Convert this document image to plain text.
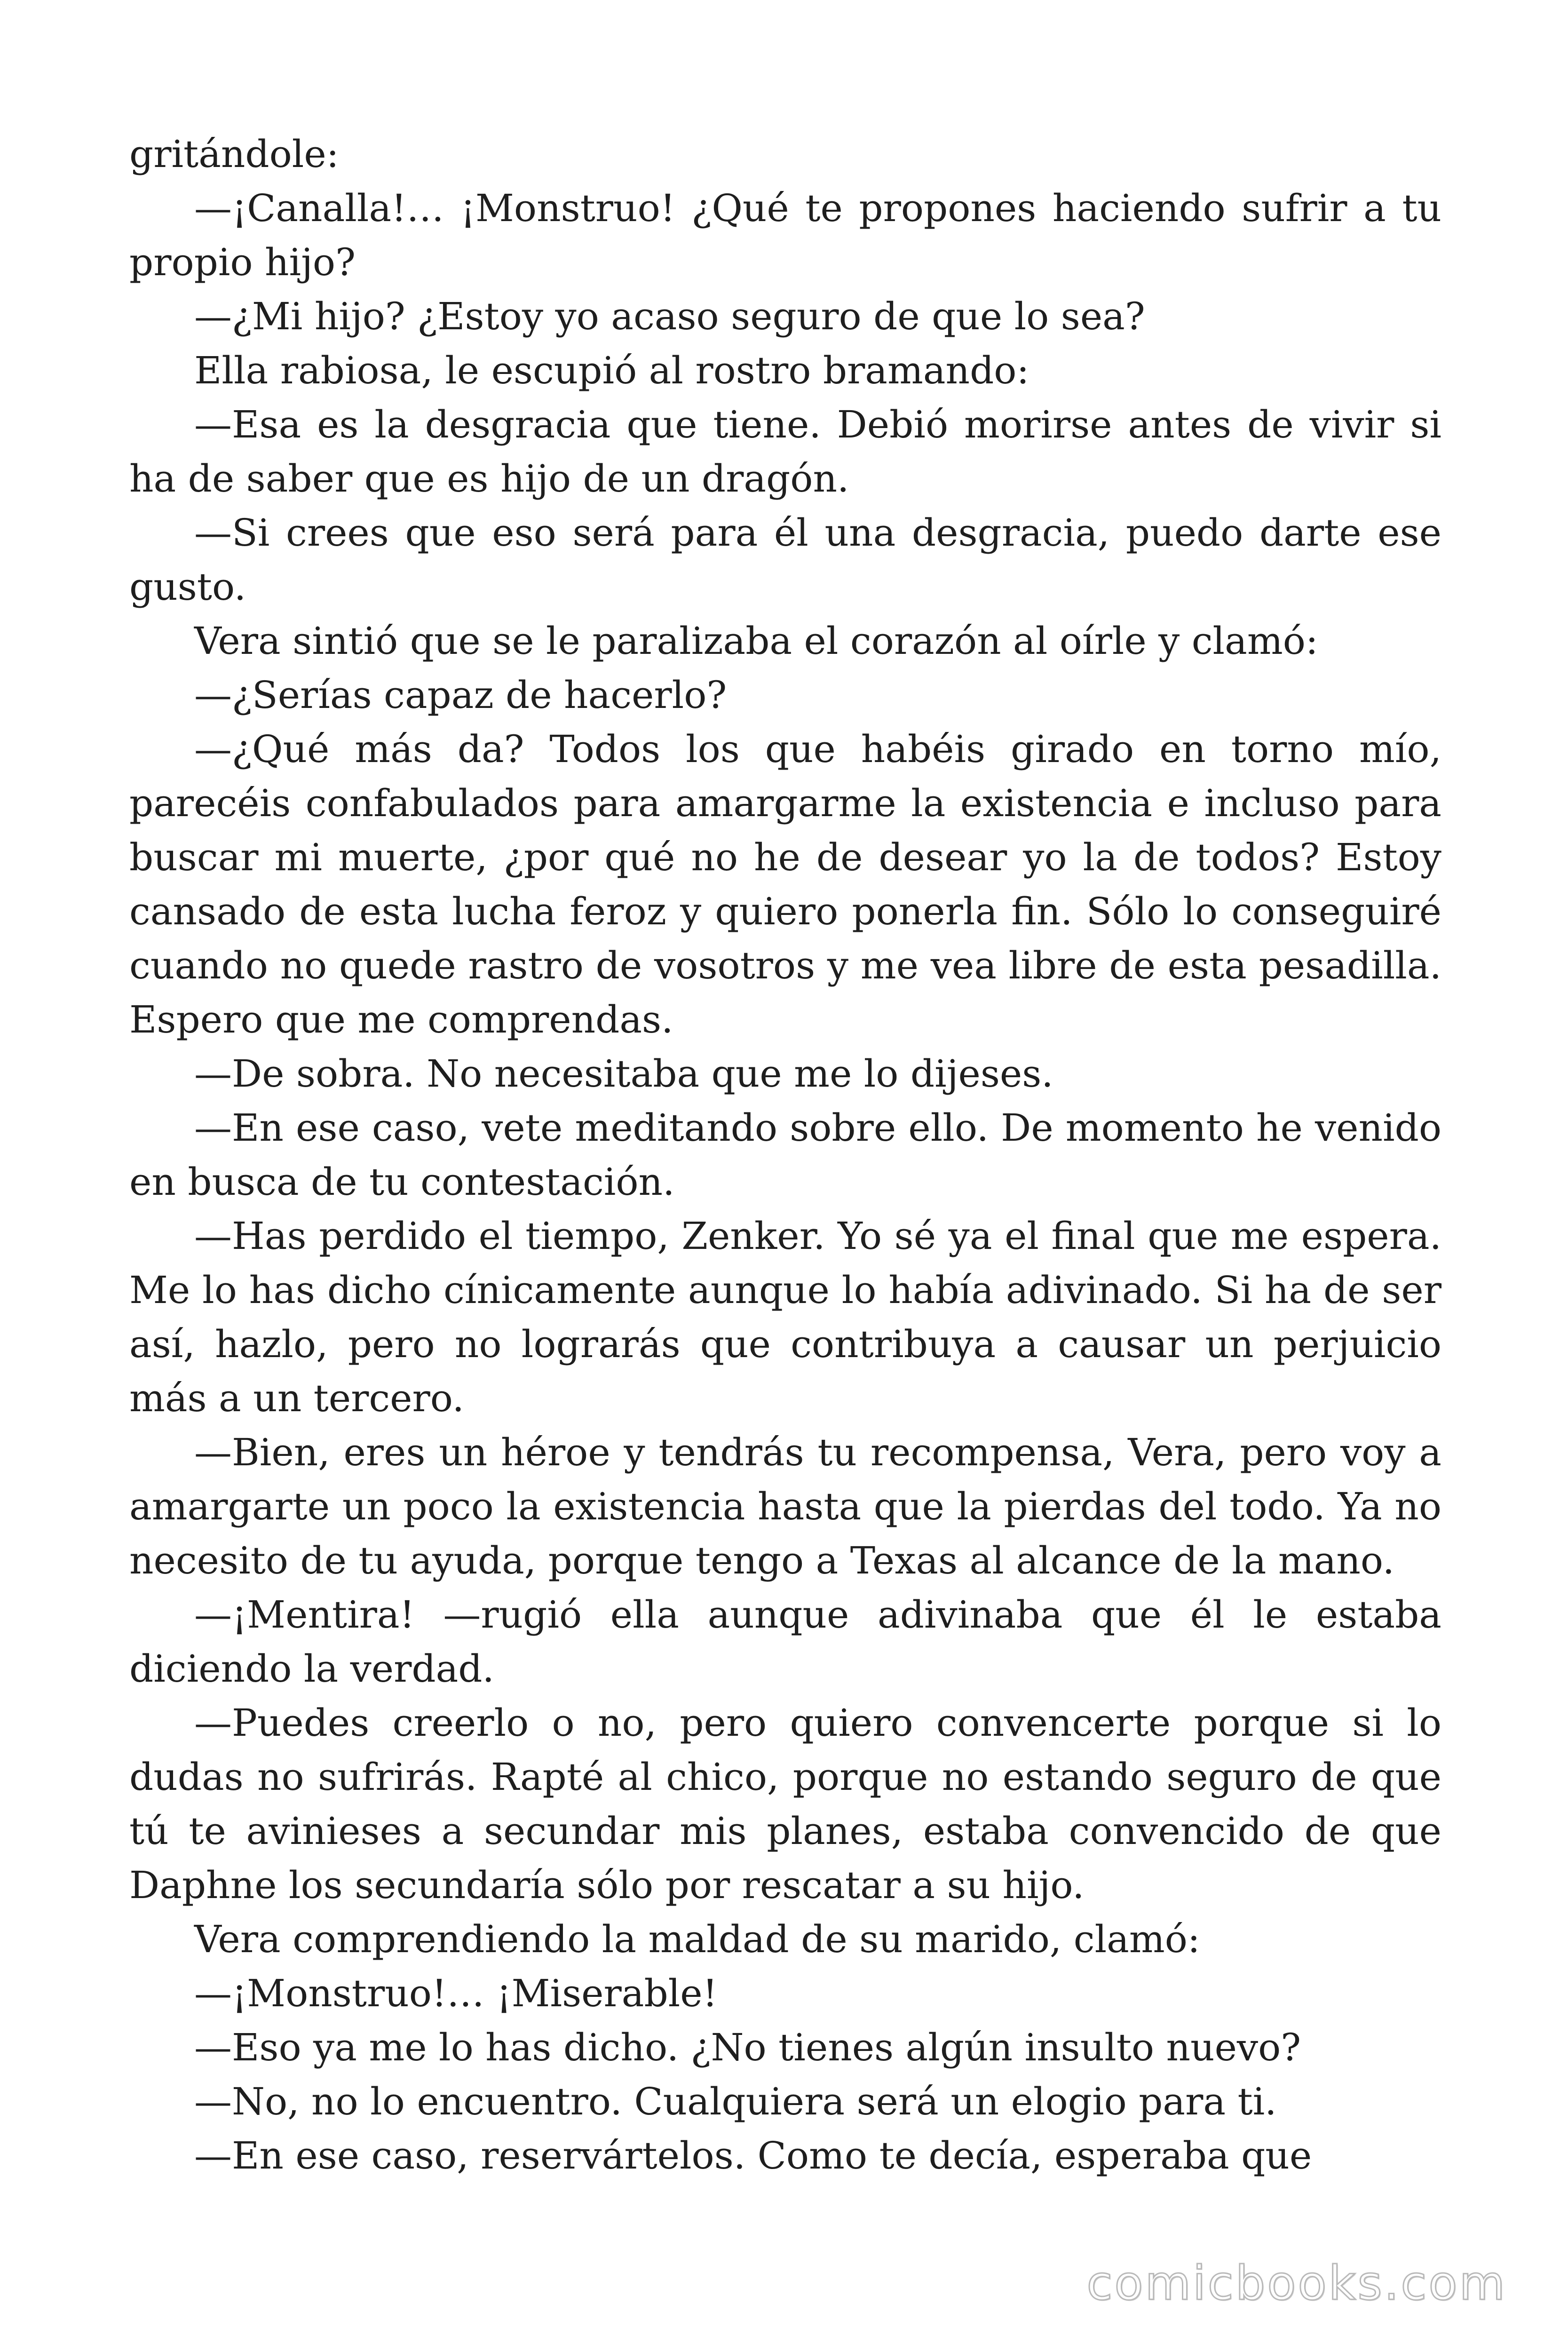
gritándole:

—¡Canalla!… ¡Monstruo! ¿Qué te propones haciendo sufrir a tu propio hijo?

—¿Mi hijo? ¿Estoy yo acaso seguro de que lo sea?

Ella rabiosa, le escupió al rostro bramando:

—Esa es la desgracia que tiene. Debió morirse antes de vivir si ha de saber que es hijo de un dragón.

—Si crees que eso será para él una desgracia, puedo darte ese gusto.

Vera sintió que se le paralizaba el corazón al oírle y clamó:

—¿Serías capaz de hacerlo?

—¿Qué más da? Todos los que habéis girado en torno mío, parecéis confabulados para amargarme la existencia e incluso para buscar mi muerte, ¿por qué no he de desear yo la de todos? Estoy cansado de esta lucha feroz y quiero ponerla fin. Sólo lo conseguiré cuando no quede rastro de vosotros y me vea libre de esta pesadilla. Espero que me comprendas.

—De sobra. No necesitaba que me lo dijeses.

—En ese caso, vete meditando sobre ello. De momento he venido en busca de tu contestación.

—Has perdido el tiempo, Zenker. Yo sé ya el final que me espera. Me lo has dicho cínicamente aunque lo había adivinado. Si ha de ser así, hazlo, pero no lograrás que contribuya a causar un perjuicio más a un tercero.

—Bien, eres un héroe y tendrás tu recompensa, Vera, pero voy a amargarte un poco la existencia hasta que la pierdas del todo. Ya no necesito de tu ayuda, porque tengo a Texas al alcance de la mano.

—¡Mentira! —rugió ella aunque adivinaba que él le estaba diciendo la verdad.

—Puedes creerlo o no, pero quiero convencerte porque si lo dudas no sufrirás. Rapté al chico, porque no estando seguro de que tú te avinieses a secundar mis planes, estaba convencido de que Daphne los secundaría sólo por rescatar a su hijo.

Vera comprendiendo la maldad de su marido, clamó:

—¡Monstruo!… ¡Miserable!

—Eso ya me lo has dicho. ¿No tienes algún insulto nuevo?

—No, no lo encuentro. Cualquiera será un elogio para ti.

—En ese caso, reservártelos. Como te decía, esperaba que

comicbooks.com
